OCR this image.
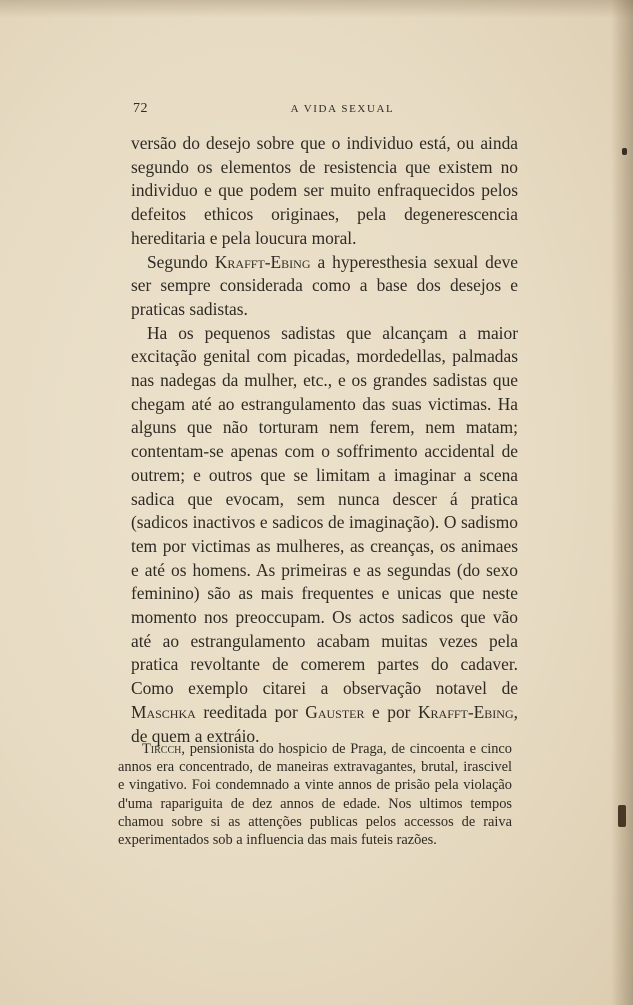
72	A VIDA SEXUAL

versão do desejo sobre que o individuo está, ou ainda segundo os elementos de resistencia que existem no individuo e que podem ser muito enfraquecidos pelos defeitos ethicos originaes, pela degenerescencia hereditaria e pela loucura moral.

Segundo Krafft-Ebing a hyperesthesia sexual deve ser sempre considerada como a base dos desejos e praticas sadistas.

Ha os pequenos sadistas que alcançam a maior excitação genital com picadas, mordedellas, palmadas nas nadegas da mulher, etc., e os grandes sadistas que chegam até ao estrangulamento das suas victimas. Ha alguns que não torturam nem ferem, nem matam; contentam-se apenas com o soffrimento accidental de outrem; e outros que se limitam a imaginar a scena sadica que evocam, sem nunca descer á pratica (sadicos inactivos e sadicos de imaginação). O sadismo tem por victimas as mulheres, as creanças, os animaes e até os homens. As primeiras e as segundas (do sexo feminino) são as mais frequentes e unicas que neste momento nos preoccupam. Os actos sadicos que vão até ao estrangulamento acabam muitas vezes pela pratica revoltante de comerem partes do cadaver. Como exemplo citarei a observação notavel de Maschka reeditada por Gauster e por Krafft-Ebing, de quem a extráio.

Tircch, pensionista do hospicio de Praga, de cincoenta e cinco annos era concentrado, de maneiras extravagantes, brutal, irascivel e vingativo. Foi condemnado a vinte annos de prisão pela violação d'uma rapariguita de dez annos de edade. Nos ultimos tempos chamou sobre si as attenções publicas pelos accessos de raiva experimentados sob a influencia das mais futeis razões.
